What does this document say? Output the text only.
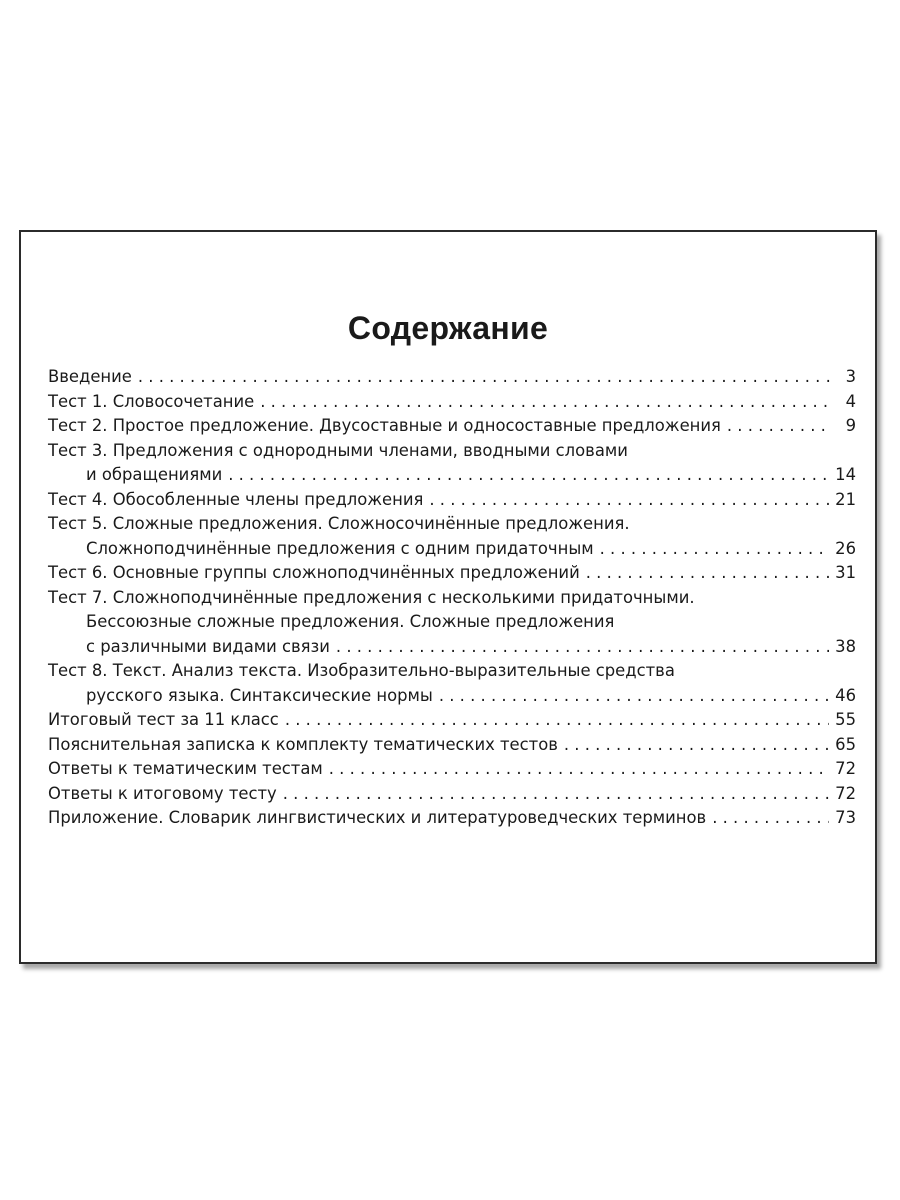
Содержание
Введение . . .	3
Тест 1. Словосочетание . . .	4
Тест 2. Простое предложение. Двусоставные и односоставные предложения . . .	9
Тест 3. Предложения с однородными членами, вводными словами
и обращениями . . .	14
Тест 4. Обособленные члены предложения . . .	21
Тест 5. Сложные предложения. Сложносочинённые предложения.
Сложноподчинённые предложения с одним придаточным . . .	26
Тест 6. Основные группы сложноподчинённых предложений . . .	31
Тест 7. Сложноподчинённые предложения с несколькими придаточными.
Бессоюзные сложные предложения. Сложные предложения
с различными видами связи . . .	38
Тест 8. Текст. Анализ текста. Изобразительно-выразительные средства
русского языка. Синтаксические нормы . . .	46
Итоговый тест за 11 класс . . .	55
Пояснительная записка к комплекту тематических тестов . . .	65
Ответы к тематическим тестам . . .	72
Ответы к итоговому тесту . . .	72
Приложение. Словарик лингвистических и литературоведческих терминов . . .	73
